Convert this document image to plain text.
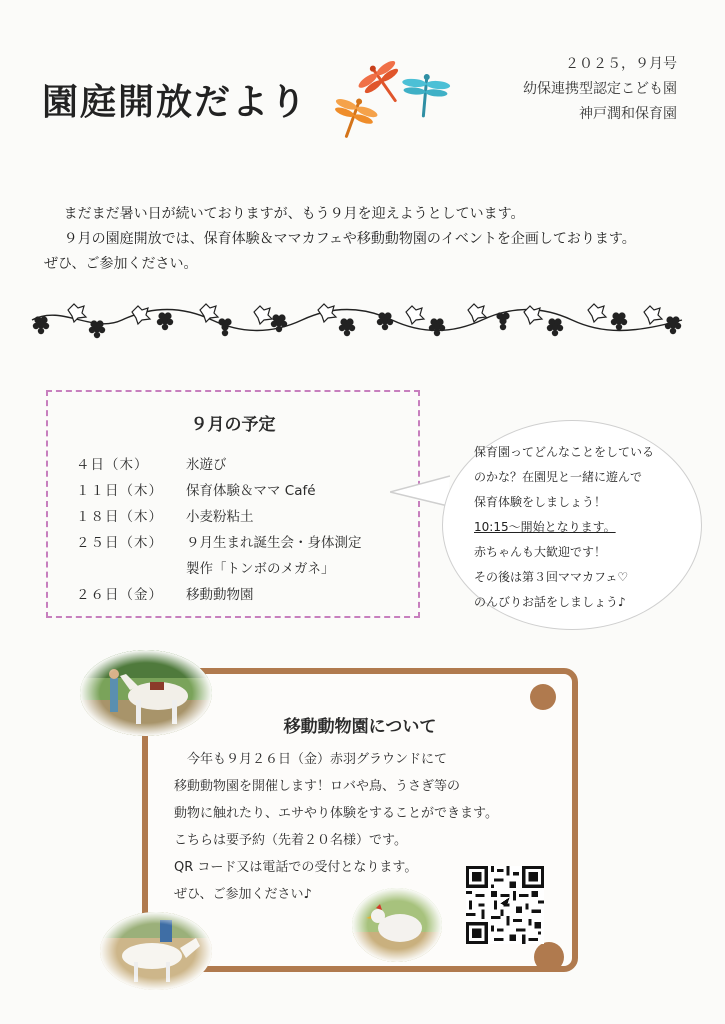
園庭開放だより
２０２５，９月号
幼保連携型認定こども園
神戸潤和保育園

まだまだ暑い日が続いておりますが、もう９月を迎えようとしています。

９月の園庭開放では、保育体験＆ママカフェや移動動物園のイベントを企画しております。

ぜひ、ご参加ください。

９月の予定
４日（木）	氷遊び
１１日（木）	保育体験＆ママ Café
１８日（木）	小麦粉粘土
２５日（木）	９月生まれ誕生会・身体測定
製作「トンボのメガネ」
２６日（金）	移動動物園
保育園ってどんなことをしている
のかな？在園児と一緒に遊んで
保育体験をしましょう！
10:15～開始となります。
赤ちゃんも大歓迎です！
その後は第３回ママカフェ♡
のんびりお話をしましょう♪
移動動物園について
今年も９月２６日（金）赤羽グラウンドにて
移動動物園を開催します！ロバや鳥、うさぎ等の
動物に触れたり、エサやり体験をすることができます。
こちらは要予約（先着２０名様）です。
QR コード又は電話での受付となります。
ぜひ、ご参加ください♪
